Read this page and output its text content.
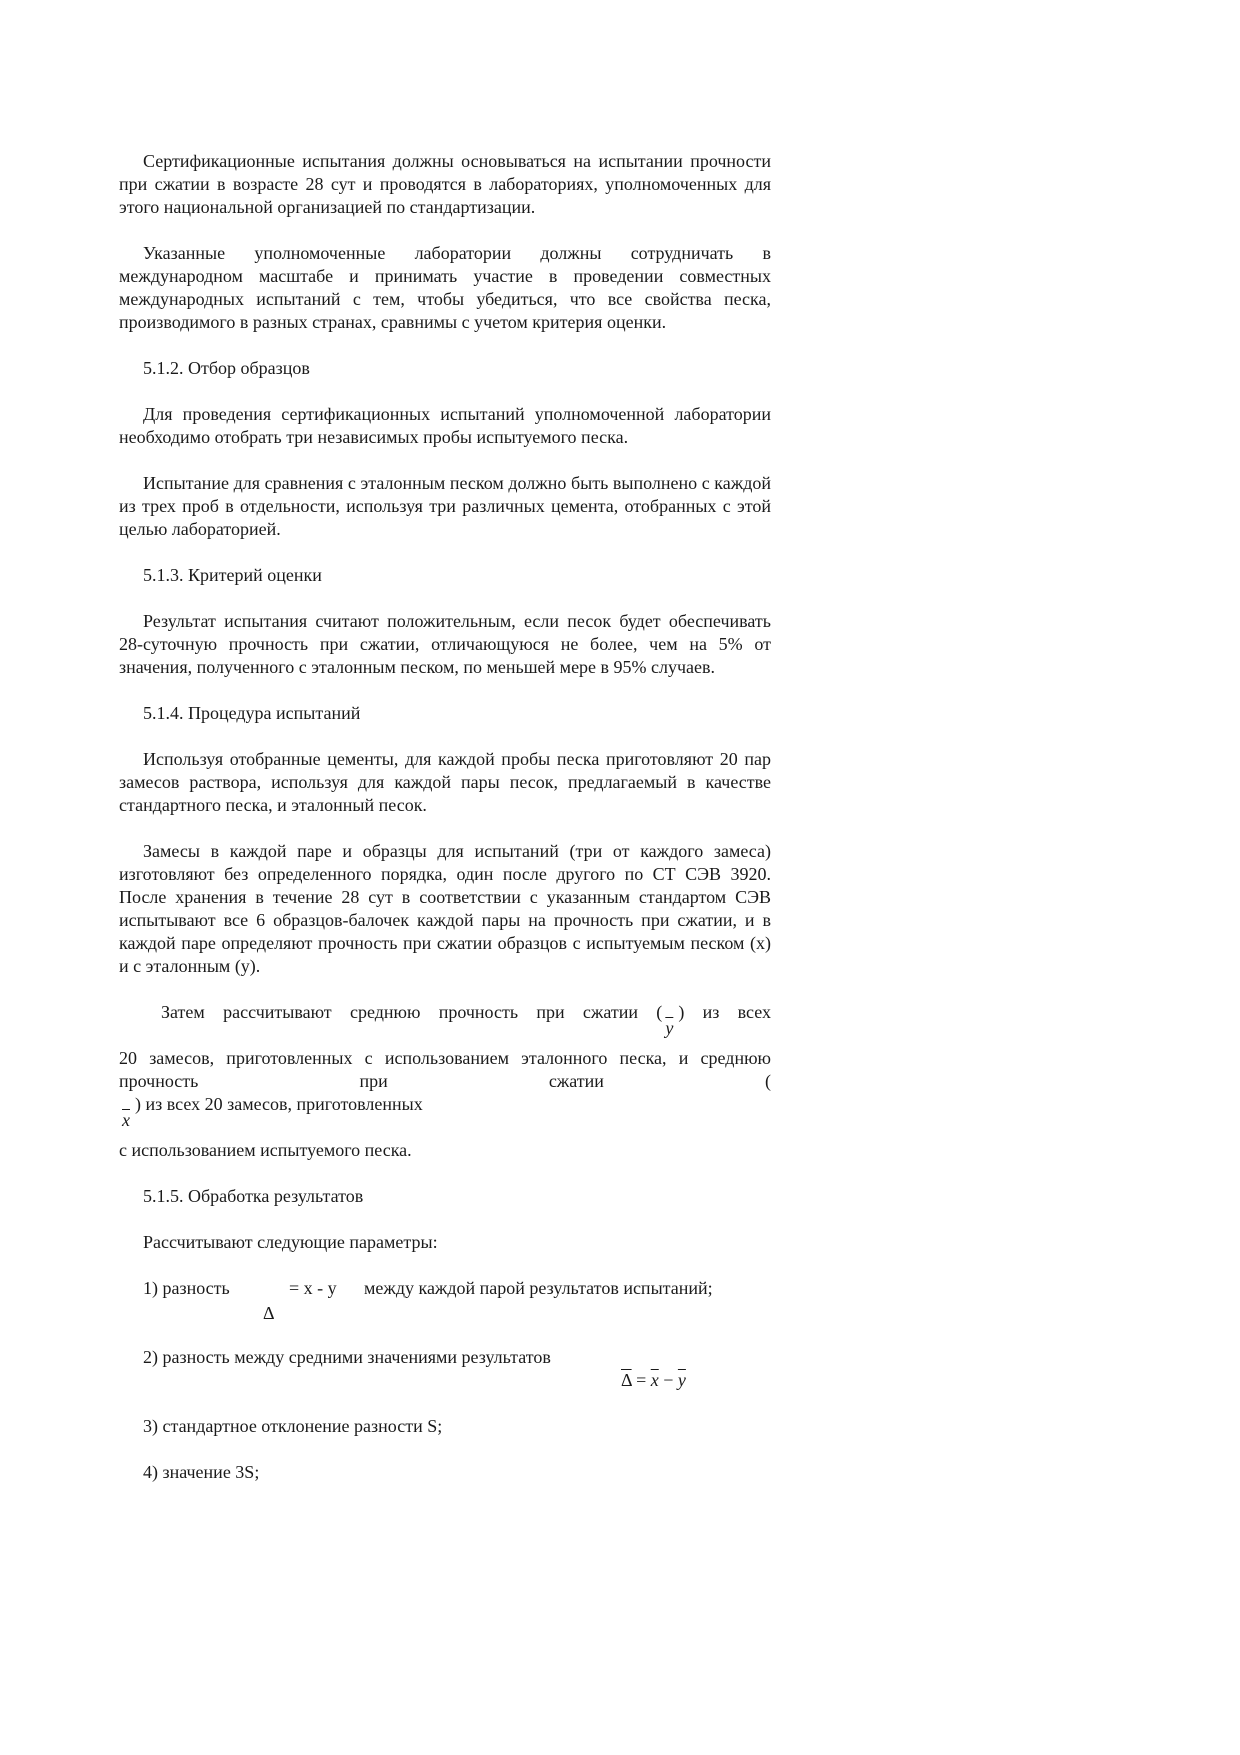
Сертификационные испытания должны основываться на испытании прочности при сжатии в возрасте 28 сут и проводятся в лабораториях, уполномоченных для этого национальной организацией по стандартизации.

Указанные уполномоченные лаборатории должны сотрудничать в международном масштабе и принимать участие в проведении совместных международных испытаний с тем, чтобы убедиться, что все свойства песка, производимого в разных странах, сравнимы с учетом критерия оценки.

5.1.2. Отбор образцов

Для проведения сертификационных испытаний уполномоченной лаборатории необходимо отобрать три независимых пробы испытуемого песка.

Испытание для сравнения с эталонным песком должно быть выполнено с каждой из трех проб в отдельности, используя три различных цемента, отобранных с этой целью лабораторией.

5.1.3. Критерий оценки

Результат испытания считают положительным, если песок будет обеспечивать 28-суточную прочность при сжатии, отличающуюся не более, чем на 5% от значения, полученного с эталонным песком, по меньшей мере в 95% случаев.

5.1.4. Процедура испытаний

Используя отобранные цементы, для каждой пробы песка приготовляют 20 пар замесов раствора, используя для каждой пары песок, предлагаемый в качестве стандартного песка, и эталонный песок.

Замесы в каждой паре и образцы для испытаний (три от каждого замеса) изготовляют без определенного порядка, один после другого по СТ СЭВ 3920. После хранения в течение 28 сут в соответствии с указанным стандартом СЭВ испытывают все 6 образцов-балочек каждой пары на прочность при сжатии, и в каждой паре определяют прочность при сжатии образцов с испытуемым песком (x) и с эталонным (y).

Затем рассчитывают среднюю прочность при сжатии (
$\overline{y}$
) из всех
20 замесов, приготовленных с использованием эталонного песка, и среднюю прочность при сжатии (
$\overline{x}$
) из всех 20 замесов, приготовленных
с использованием испытуемого песка.

5.1.5. Обработка результатов

Рассчитывают следующие параметры:

1) разность
Δ
= x - y между каждой парой результатов испытаний;
2) разность между средними значениями результатов
$\overline{\Delta} = \overline{x} - \overline{y}$

3) стандартное отклонение разности S;

4) значение 3S;
